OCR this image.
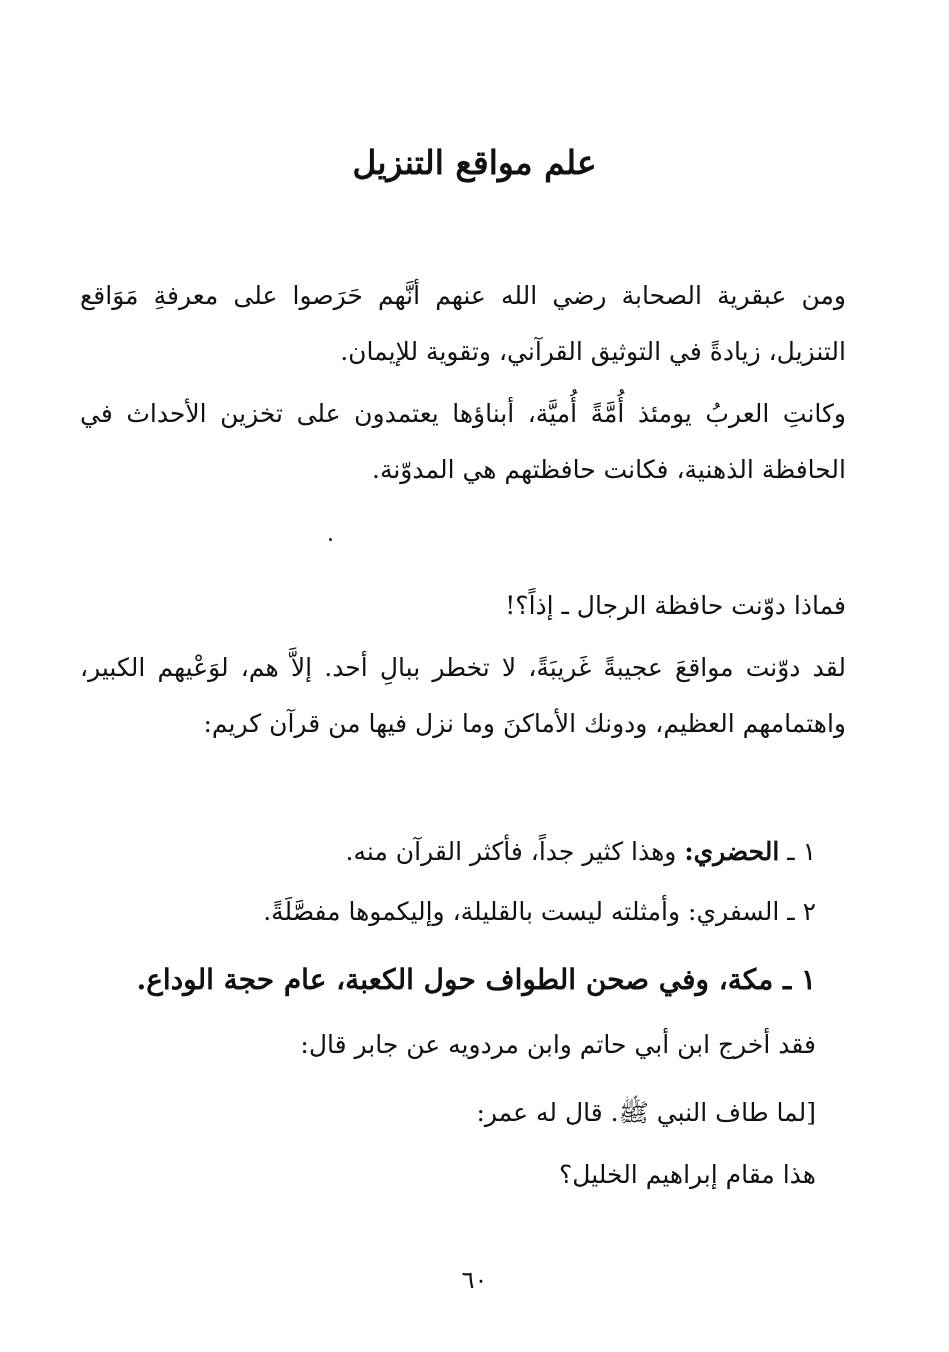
علم مواقع التنزيل
ومن عبقرية الصحابة رضي الله عنهم أنَّهم حَرَصوا على معرفةِ مَوَاقع التنزيل، زيادةً في التوثيق القرآني، وتقوية للإيمان.
وكانتِ العربُ يومئذ أُمَّةً أُميَّة، أبناؤها يعتمدون على تخزين الأحداث في الحافظة الذهنية، فكانت حافظتهم هي المدوّنة.
فماذا دوّنت حافظة الرجال ـ إذاً؟!
لقد دوّنت مواقعَ عجيبةً غَريبَةً، لا تخطر ببالِ أحد. إلاَّ هم، لوَعْيهم الكبير، واهتمامهم العظيم، ودونك الأماكنَ وما نزل فيها من قرآن كريم:
١ ـ الحضري: وهذا كثير جداً، فأكثر القرآن منه.
٢ ـ السفري: وأمثلته ليست بالقليلة، وإليكموها مفصَّلَةً.
١ ـ مكة، وفي صحن الطواف حول الكعبة، عام حجة الوداع.
فقد أخرج ابن أبي حاتم وابن مردويه عن جابر قال:
[لما طاف النبي ﷺ. قال له عمر:
هذا مقام إبراهيم الخليل؟
٦٠
